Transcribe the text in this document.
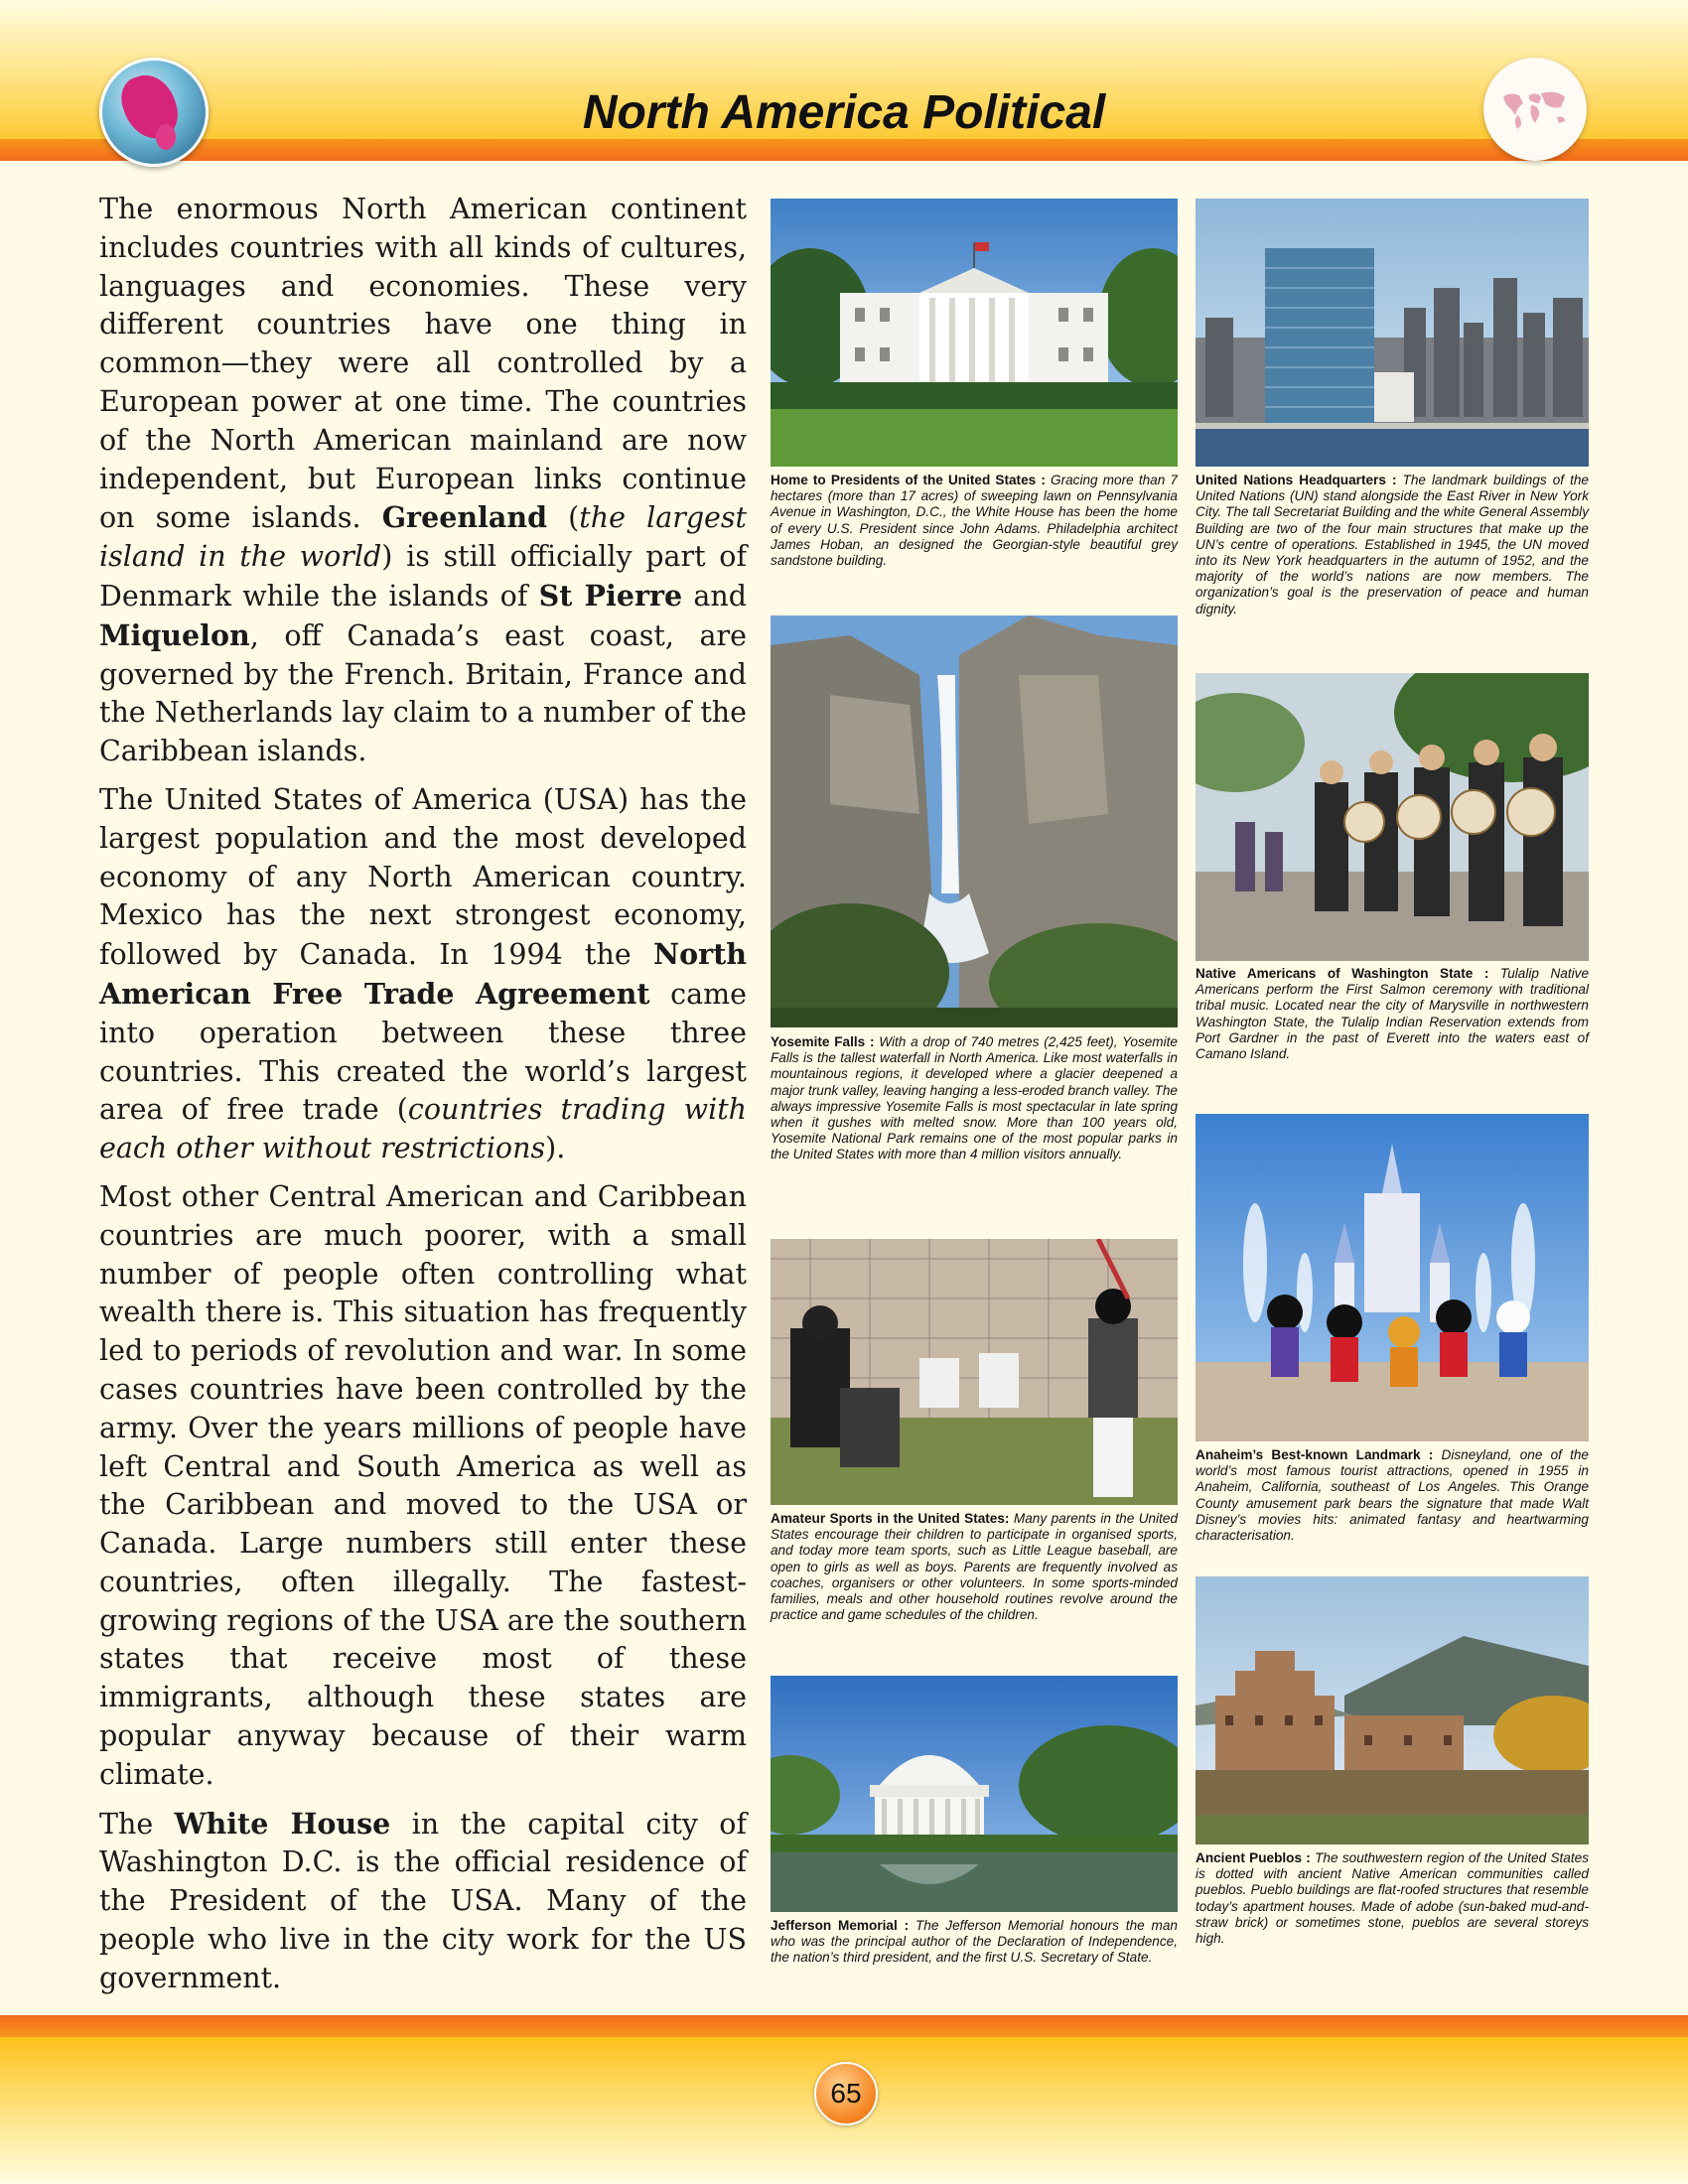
North America Political

The enormous North American continent includes countries with all kinds of cultures, languages and economies. These very different countries have one thing in common—they were all controlled by a European power at one time. The countries of the North American mainland are now independent, but European links continue on some islands. Greenland (the largest island in the world) is still officially part of Denmark while the islands of St Pierre and Miquelon, off Canada’s east coast, are governed by the French. Britain, France and the Netherlands lay claim to a number of the Caribbean islands.

The United States of America (USA) has the largest population and the most developed economy of any North American country. Mexico has the next strongest economy, followed by Canada. In 1994 the North American Free Trade Agreement came into operation between these three countries. This created the world’s largest area of free trade (countries trading with each other without restrictions).

Most other Central American and Caribbean countries are much poorer, with a small number of people often controlling what wealth there is. This situation has frequently led to periods of revolution and war. In some cases countries have been controlled by the army. Over the years millions of people have left Central and South America as well as the Caribbean and moved to the USA or Canada. Large numbers still enter these countries, often illegally. The fastest-growing regions of the USA are the southern states that receive most of these immigrants, although these states are popular anyway because of their warm climate.

The White House in the capital city of Washington D.C. is the official residence of the President of the USA. Many of the people who live in the city work for the US government.

Home to Presidents of the United States : Gracing more than 7 hectares (more than 17 acres) of sweeping lawn on Pennsylvania Avenue in Washington, D.C., the White House has been the home of every U.S. President since John Adams. Philadelphia architect James Hoban, an designed the Georgian-style beautiful grey sandstone building.
United Nations Headquarters : The landmark buildings of the United Nations (UN) stand alongside the East River in New York City. The tall Secretariat Building and the white General Assembly Building are two of the four main structures that make up the UN’s centre of operations. Established in 1945, the UN moved into its New York headquarters in the autumn of 1952, and the majority of the world’s nations are now members. The organization’s goal is the preservation of peace and human dignity.
Yosemite Falls : With a drop of 740 metres (2,425 feet), Yosemite Falls is the tallest waterfall in North America. Like most waterfalls in mountainous regions, it developed where a glacier deepened a major trunk valley, leaving hanging a less-eroded branch valley. The always impressive Yosemite Falls is most spectacular in late spring when it gushes with melted snow. More than 100 years old, Yosemite National Park remains one of the most popular parks in the United States with more than 4 million visitors annually.
Native Americans of Washington State : Tulalip Native Americans perform the First Salmon ceremony with traditional tribal music. Located near the city of Marysville in northwestern Washington State, the Tulalip Indian Reservation extends from Port Gardner in the past of Everett into the waters east of Camano Island.
Amateur Sports in the United States: Many parents in the United States encourage their children to participate in organised sports, and today more team sports, such as Little League baseball, are open to girls as well as boys. Parents are frequently involved as coaches, organisers or other volunteers. In some sports-minded families, meals and other household routines revolve around the practice and game schedules of the children.
Anaheim’s Best-known Landmark : Disneyland, one of the world’s most famous tourist attractions, opened in 1955 in Anaheim, California, southeast of Los Angeles. This Orange County amusement park bears the signature that made Walt Disney’s movies hits: animated fantasy and heartwarming characterisation.
Jefferson Memorial : The Jefferson Memorial honours the man who was the principal author of the Declaration of Independence, the nation’s third president, and the first U.S. Secretary of State.
Ancient Pueblos : The southwestern region of the United States is dotted with ancient Native American communities called pueblos. Pueblo buildings are flat-roofed structures that resemble today’s apartment houses. Made of adobe (sun-baked mud-and-straw brick) or sometimes stone, pueblos are several storeys high.
65
